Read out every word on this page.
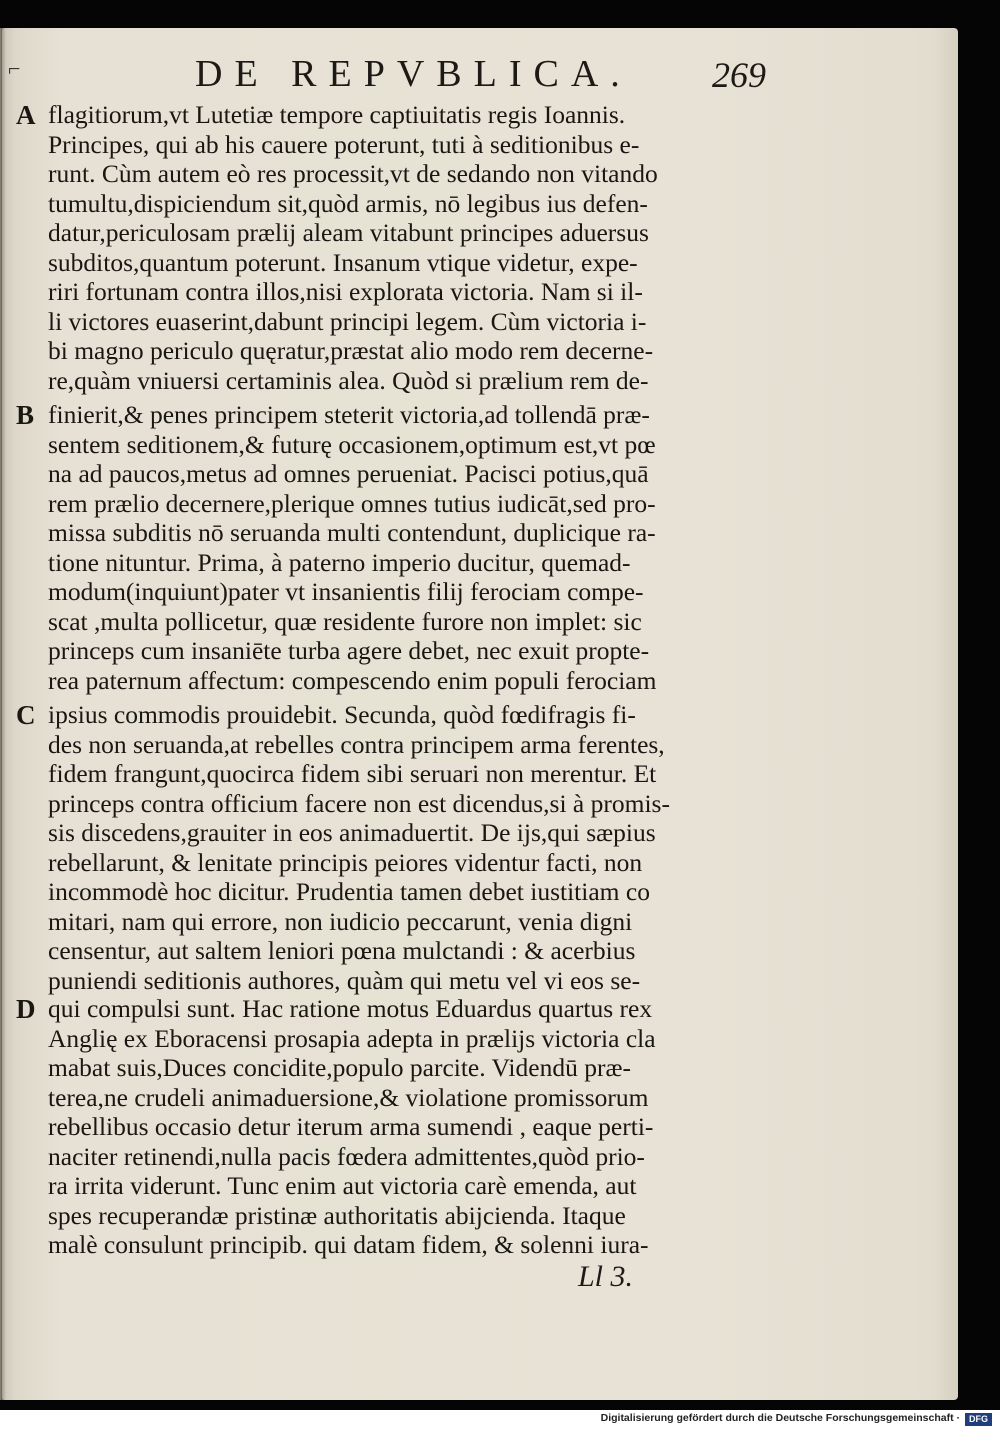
⌐	DE REPVBLICA. 269
A
B
C
D
flagitiorum,vt Lutetiæ tempore captiuitatis regis Ioannis.
Principes, qui ab his cauere poterunt, tuti à seditionibus e-
runt. Cùm autem eò res processit,vt de sedando non vitando
tumultu,dispiciendum sit,quòd armis, nō legibus ius defen-
datur,periculosam prælij aleam vitabunt principes aduersus
subditos,quantum poterunt. Insanum vtique videtur, expe-
riri fortunam contra illos,nisi explorata victoria. Nam si il-
li victores euaserint,dabunt principi legem. Cùm victoria i-
bi magno periculo quęratur,præstat alio modo rem decerne-
re,quàm vniuersi certaminis alea. Quòd si prælium rem de-
finierit,& penes principem steterit victoria,ad tollendā præ-
sentem seditionem,& futurę occasionem,optimum est,vt pœ
na ad paucos,metus ad omnes perueniat. Pacisci potius,quā
rem prælio decernere,plerique omnes tutius iudicāt,sed pro-
missa subditis nō seruanda multi contendunt, duplicique ra-
tione nituntur. Prima, à paterno imperio ducitur, quemad-
modum(inquiunt)pater vt insanientis filij ferociam compe-
scat ,multa pollicetur, quæ residente furore non implet: sic
princeps cum insaniēte turba agere debet, nec exuit propte-
rea paternum affectum: compescendo enim populi ferociam
ipsius commodis prouidebit. Secunda, quòd fœdifragis fi-
des non seruanda,at rebelles contra principem arma ferentes,
fidem frangunt,quocirca fidem sibi seruari non merentur. Et
princeps contra officium facere non est dicendus,si à promis-
sis discedens,grauiter in eos animaduertit. De ijs,qui sæpius
rebellarunt, & lenitate principis peiores videntur facti, non
incommodè hoc dicitur. Prudentia tamen debet iustitiam co
mitari, nam qui errore, non iudicio peccarunt, venia digni
censentur, aut saltem leniori pœna mulctandi : & acerbius
puniendi seditionis authores, quàm qui metu vel vi eos se-
qui compulsi sunt. Hac ratione motus Eduardus quartus rex
Anglię ex Eboracensi prosapia adepta in prælijs victoria cla
mabat suis,Duces concidite,populo parcite. Videndū præ-
terea,ne crudeli animaduersione,& violatione promissorum
rebellibus occasio detur iterum arma sumendi , eaque perti-
naciter retinendi,nulla pacis fœdera admittentes,quòd prio-
ra irrita viderunt. Tunc enim aut victoria carè emenda, aut
spes recuperandæ pristinæ authoritatis abijcienda. Itaque
malè consulunt principib. qui datam fidem, & solenni iura-
Ll 3.
Digitalisierung gefördert durch die Deutsche Forschungsgemeinschaft ·	DFG
